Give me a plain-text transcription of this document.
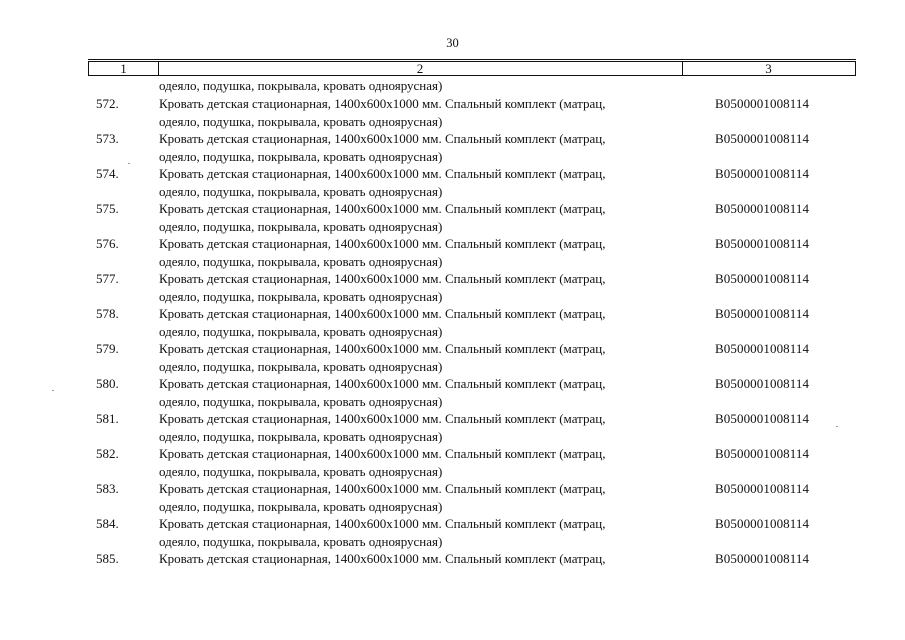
30
1	2	3
одеяло, подушка, покрывала, кровать одноярусная)
572.	Кровать детская стационарная, 1400х600х1000 мм. Спальный комплект (матрац,
одеяло, подушка, покрывала, кровать одноярусная)
B0500001008114
573.	Кровать детская стационарная, 1400х600х1000 мм. Спальный комплект (матрац,
одеяло, подушка, покрывала, кровать одноярусная)
B0500001008114
574.	Кровать детская стационарная, 1400х600х1000 мм. Спальный комплект (матрац,
одеяло, подушка, покрывала, кровать одноярусная)
B0500001008114
575.	Кровать детская стационарная, 1400х600х1000 мм. Спальный комплект (матрац,
одеяло, подушка, покрывала, кровать одноярусная)
B0500001008114
576.	Кровать детская стационарная, 1400х600х1000 мм. Спальный комплект (матрац,
одеяло, подушка, покрывала, кровать одноярусная)
B0500001008114
577.	Кровать детская стационарная, 1400х600х1000 мм. Спальный комплект (матрац,
одеяло, подушка, покрывала, кровать одноярусная)
B0500001008114
578.	Кровать детская стационарная, 1400х600х1000 мм. Спальный комплект (матрац,
одеяло, подушка, покрывала, кровать одноярусная)
B0500001008114
579.	Кровать детская стационарная, 1400х600х1000 мм. Спальный комплект (матрац,
одеяло, подушка, покрывала, кровать одноярусная)
B0500001008114
580.	Кровать детская стационарная, 1400х600х1000 мм. Спальный комплект (матрац,
одеяло, подушка, покрывала, кровать одноярусная)
B0500001008114
581.	Кровать детская стационарная, 1400х600х1000 мм. Спальный комплект (матрац,
одеяло, подушка, покрывала, кровать одноярусная)
B0500001008114
582.	Кровать детская стационарная, 1400х600х1000 мм. Спальный комплект (матрац,
одеяло, подушка, покрывала, кровать одноярусная)
B0500001008114
583.	Кровать детская стационарная, 1400х600х1000 мм. Спальный комплект (матрац,
одеяло, подушка, покрывала, кровать одноярусная)
B0500001008114
584.	Кровать детская стационарная, 1400х600х1000 мм. Спальный комплект (матрац,
одеяло, подушка, покрывала, кровать одноярусная)
B0500001008114
585.	Кровать детская стационарная, 1400х600х1000 мм. Спальный комплект (матрац,	B0500001008114
